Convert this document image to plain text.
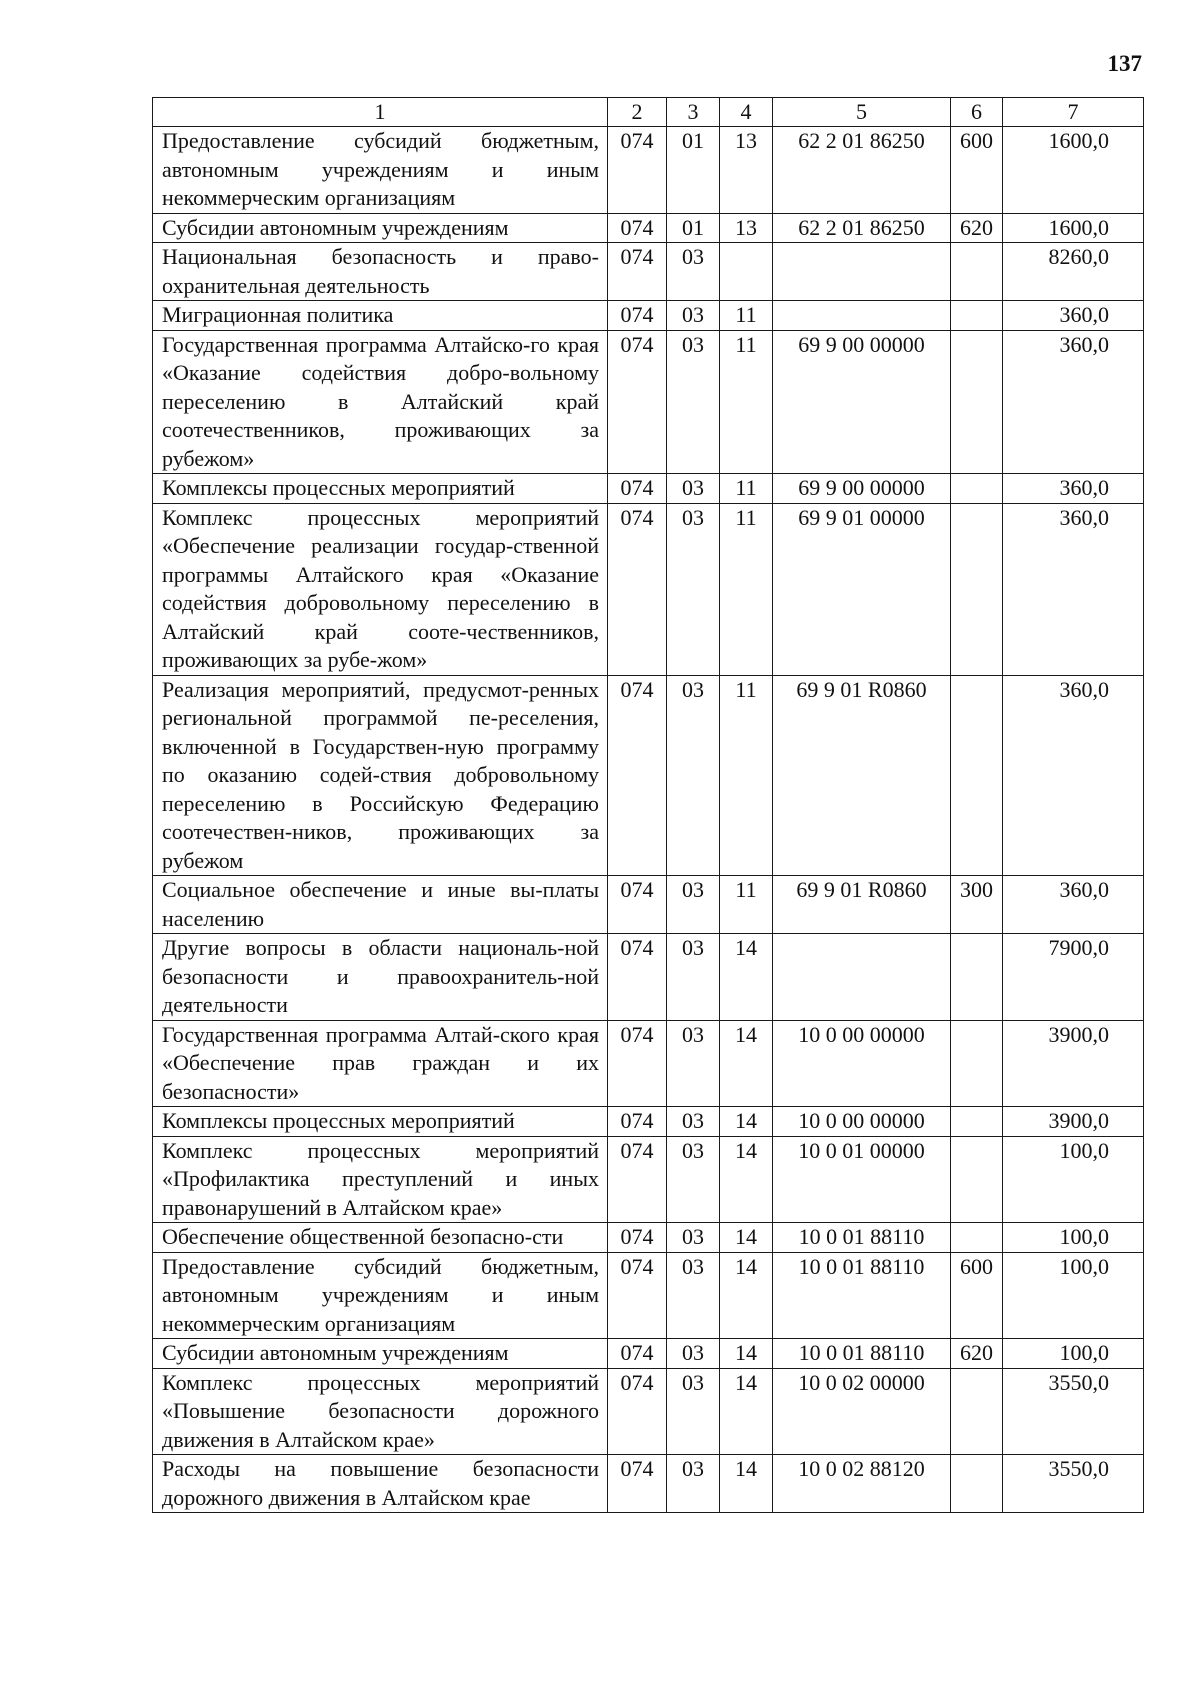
137
1	2	3	4	5	6	7
Предоставление субсидий бюджетным, автономным учреждениям и иным некоммерческим организациям	074	01	13	62 2 01 86250	600	1600,0
Субсидии автономным учреждениям	074	01	13	62 2 01 86250	620	1600,0
Национальная безопасность и право-охранительная деятельность	074	03				8260,0
Миграционная политика	074	03	11			360,0
Государственная программа Алтайско-го края «Оказание содействия добро-вольному переселению в Алтайский край соотечественников, проживающих за рубежом»	074	03	11	69 9 00 00000		360,0
Комплексы процессных мероприятий	074	03	11	69 9 00 00000		360,0
Комплекс процессных мероприятий «Обеспечение реализации государ-ственной программы Алтайского края «Оказание содействия добровольному переселению в Алтайский край сооте-чественников, проживающих за рубе-жом»	074	03	11	69 9 01 00000		360,0
Реализация мероприятий, предусмот-ренных региональной программой пе-реселения, включенной в Государствен-ную программу по оказанию содей-ствия добровольному переселению в Российскую Федерацию соотечествен-ников, проживающих за рубежом	074	03	11	69 9 01 R0860		360,0
Социальное обеспечение и иные вы-платы населению	074	03	11	69 9 01 R0860	300	360,0
Другие вопросы в области националь-ной безопасности и правоохранитель-ной деятельности	074	03	14			7900,0
Государственная программа Алтай-ского края «Обеспечение прав граждан и их безопасности»	074	03	14	10 0 00 00000		3900,0
Комплексы процессных мероприятий	074	03	14	10 0 00 00000		3900,0
Комплекс процессных мероприятий «Профилактика преступлений и иных правонарушений в Алтайском крае»	074	03	14	10 0 01 00000		100,0
Обеспечение общественной безопасно-сти	074	03	14	10 0 01 88110		100,0
Предоставление субсидий бюджетным, автономным учреждениям и иным некоммерческим организациям	074	03	14	10 0 01 88110	600	100,0
Субсидии автономным учреждениям	074	03	14	10 0 01 88110	620	100,0
Комплекс процессных мероприятий «Повышение безопасности дорожного движения в Алтайском крае»	074	03	14	10 0 02 00000		3550,0
Расходы на повышение безопасности дорожного движения в Алтайском крае	074	03	14	10 0 02 88120		3550,0
